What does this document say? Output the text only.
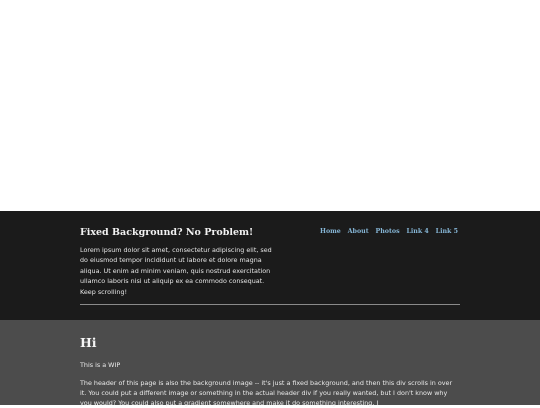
Fixed Background? No Problem!

Lorem ipsum dolor sit amet, consectetur adipiscing elit, sed do eiusmod tempor incididunt ut labore et dolore magna aliqua. Ut enim ad minim veniam, quis nostrud exercitation ullamco laboris nisi ut aliquip ex ea commodo consequat. Keep scrolling!

Home About Photos Link 4 Link 5
Hi

This is a WIP

The header of this page is also the background image -- it's just a fixed background, and then this div scrolls in over it. You could put a different image or something in the actual header div if you really wanted, but I don't know why you would? You could also put a gradient somewhere and make it do something interesting. I
